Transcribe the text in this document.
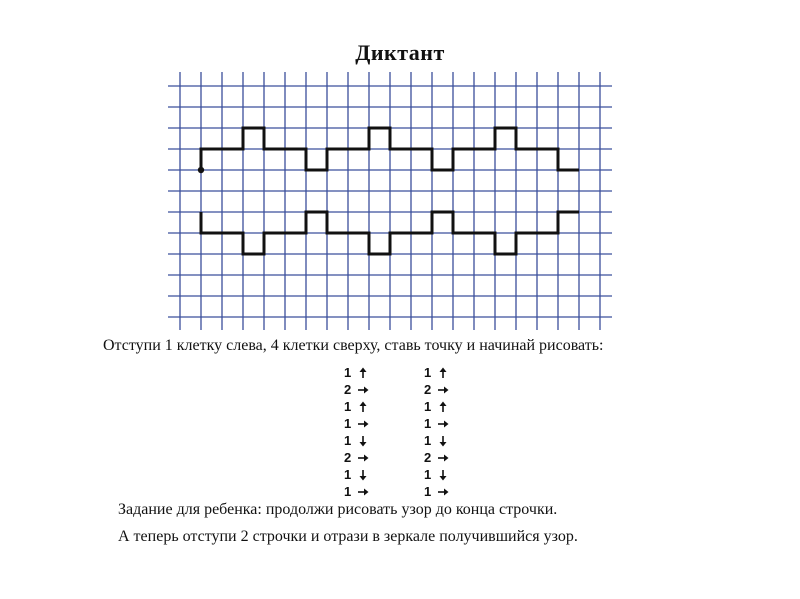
Диктант
Отступи 1 клетку слева, 4 клетки сверху, ставь точку и начинай рисовать:
1
2
1
1
1
2
1
1
1
2
1
1
1
2
1
1
Задание для ребенка: продолжи рисовать узор до конца строчки.
А теперь отступи 2 строчки и отрази в зеркале получившийся узор.
